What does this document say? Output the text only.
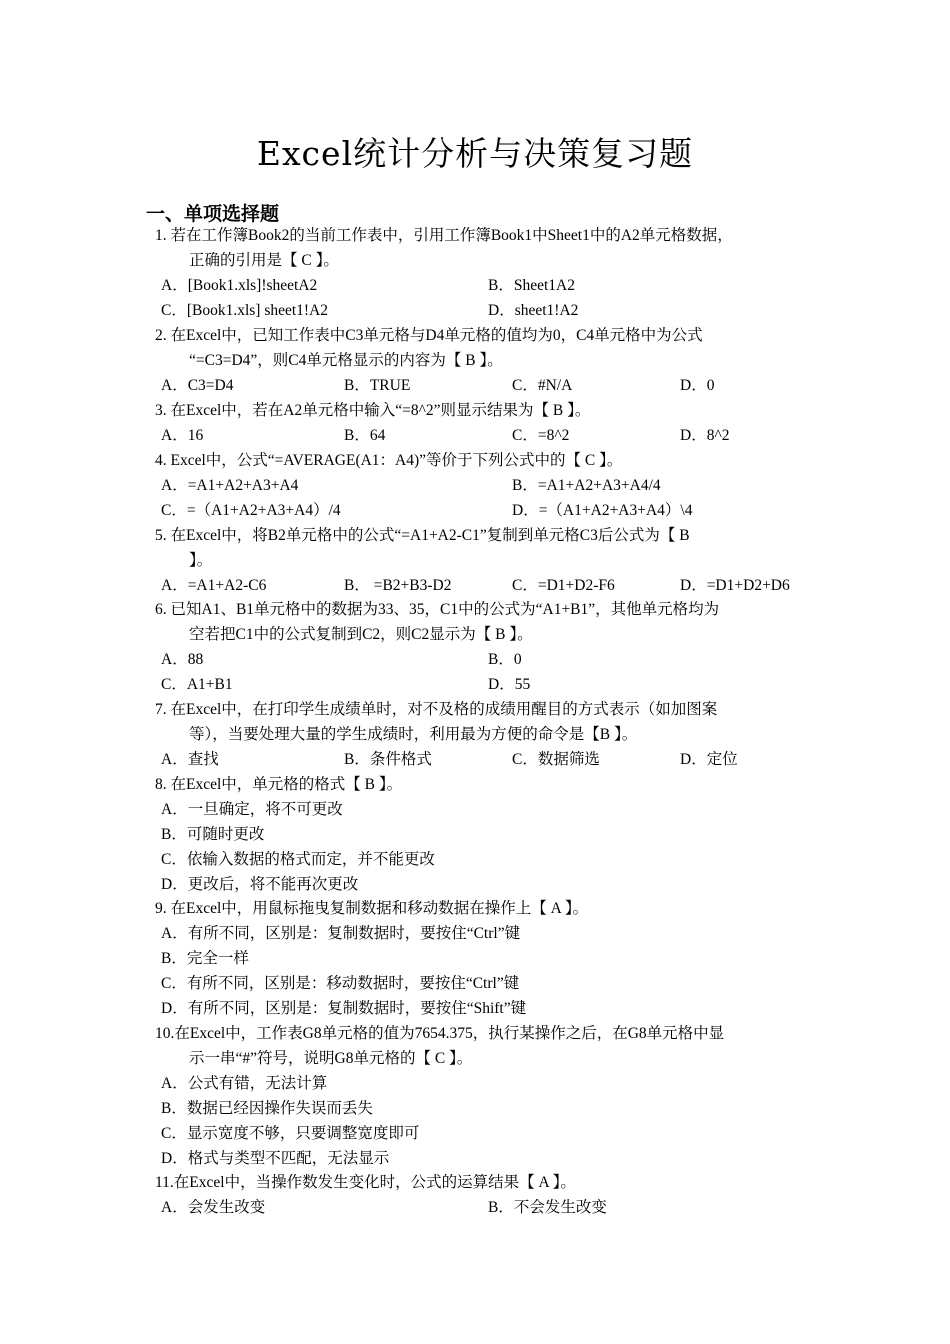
Excel统计分析与决策复习题
一、单项选择题
1. 若在工作簿Book2的当前工作表中，引用工作簿Book1中Sheet1中的A2单元格数据，
正确的引用是【 C 】。
A．[Book1.xls]!sheetA2	B．Sheet1A2
C．[Book1.xls] sheet1!A2	D．sheet1!A2
2. 在Excel中，已知工作表中C3单元格与D4单元格的值均为0，C4单元格中为公式
“=C3=D4”，则C4单元格显示的内容为【 B 】。
A．C3=D4	B．TRUE	C．#N/A	D．0
3. 在Excel中，若在A2单元格中输入“=8^2”则显示结果为【 B 】。
A．16	B．64	C．=8^2	D．8^2
4. Excel中，公式“=AVERAGE(A1：A4)”等价于下列公式中的【 C 】。
A．=A1+A2+A3+A4	B．=A1+A2+A3+A4/4
C．=（A1+A2+A3+A4）/4	D．=（A1+A2+A3+A4）\4
5. 在Excel中，将B2单元格中的公式“=A1+A2-C1”复制到单元格C3后公式为【 B
】。
A．=A1+A2-C6	B． =B2+B3-D2	C．=D1+D2-F6	D．=D1+D2+D6
6. 已知A1、B1单元格中的数据为33、35，C1中的公式为“A1+B1”，其他单元格均为
空若把C1中的公式复制到C2，则C2显示为【 B 】。
A．88	B．0
C．A1+B1	D．55
7. 在Excel中，在打印学生成绩单时，对不及格的成绩用醒目的方式表示（如加图案
等），当要处理大量的学生成绩时，利用最为方便的命令是【B 】。
A．查找	B．条件格式	C．数据筛选	D．定位
8. 在Excel中，单元格的格式【 B 】。
A．一旦确定，将不可更改
B．可随时更改
C．依输入数据的格式而定，并不能更改
D．更改后，将不能再次更改
9. 在Excel中，用鼠标拖曳复制数据和移动数据在操作上【 A 】。
A．有所不同，区别是：复制数据时，要按住“Ctrl”键
B．完全一样
C．有所不同，区别是：移动数据时，要按住“Ctrl”键
D．有所不同，区别是：复制数据时，要按住“Shift”键
10.在Excel中，工作表G8单元格的值为7654.375，执行某操作之后，在G8单元格中显
示一串“#”符号，说明G8单元格的【 C 】。
A．公式有错，无法计算
B．数据已经因操作失误而丢失
C．显示宽度不够，只要调整宽度即可
D．格式与类型不匹配，无法显示
11.在Excel中，当操作数发生变化时，公式的运算结果【 A 】。
A．会发生改变	B．不会发生改变
